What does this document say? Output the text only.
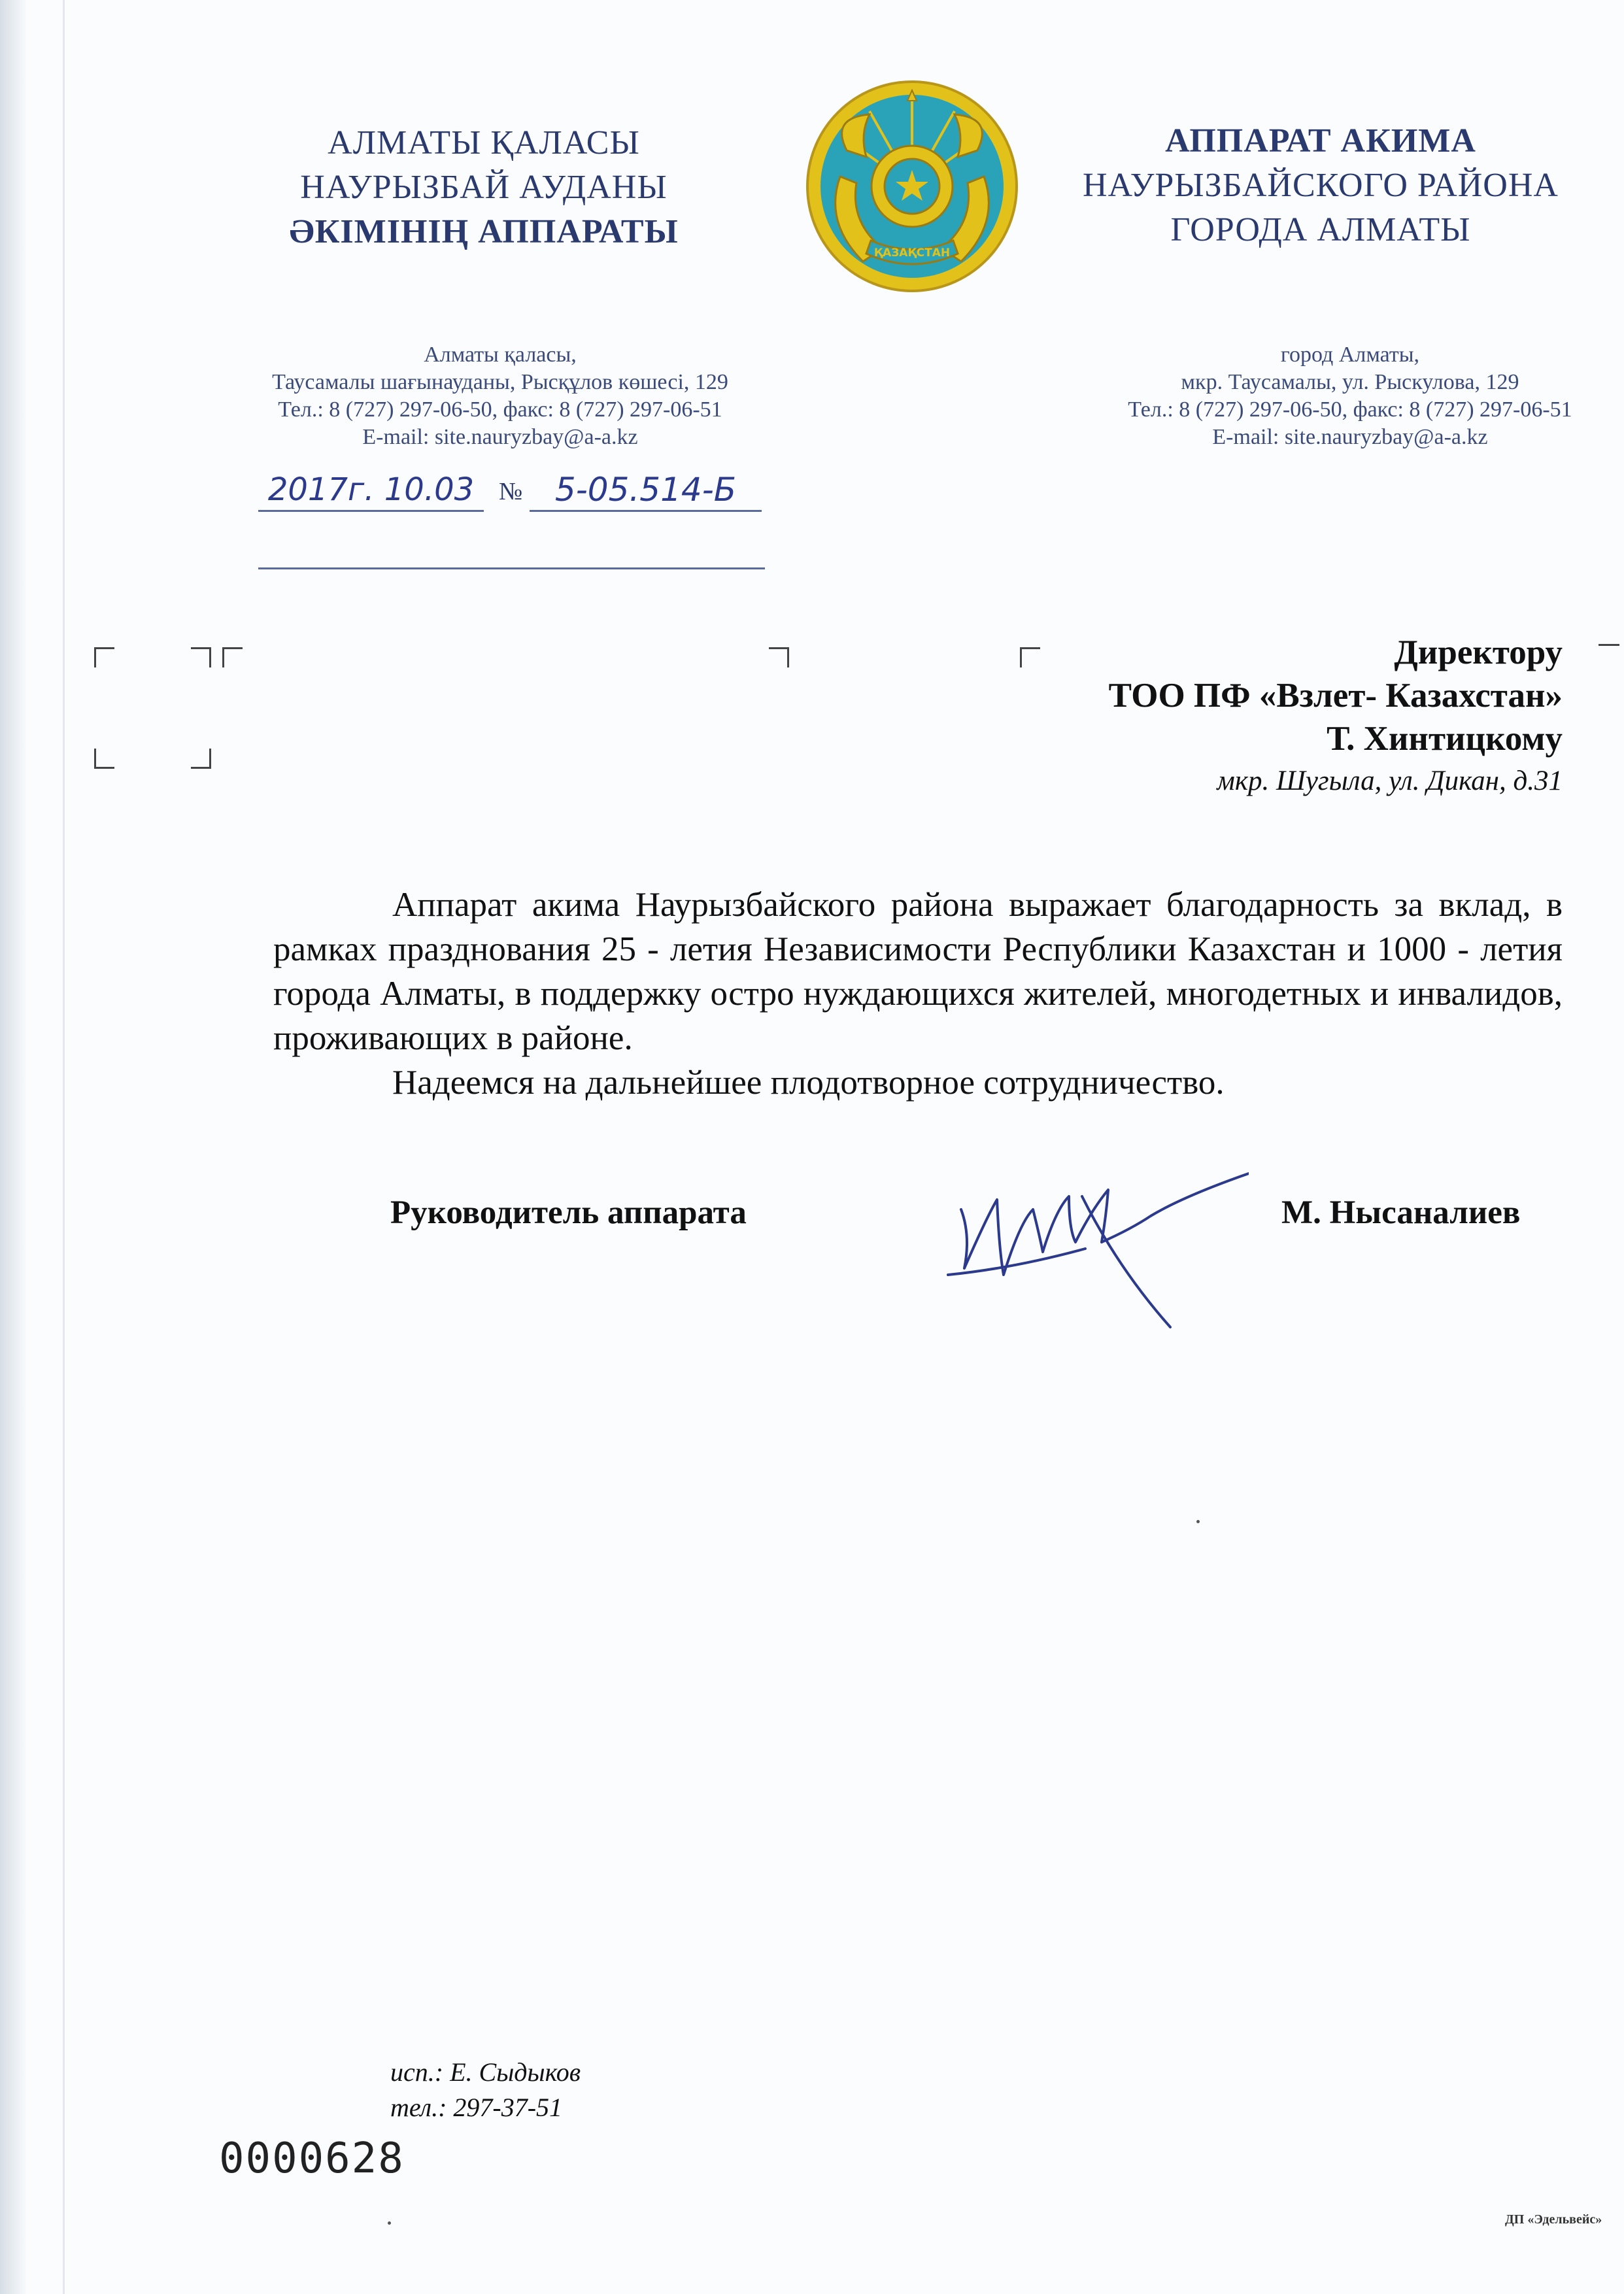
АЛМАТЫ ҚАЛАСЫ
НАУРЫЗБАЙ АУДАНЫ
ӘКІМІНІҢ АППАРАТЫ
ҚАЗАҚСТАН
АППАРАТ АКИМА
НАУРЫЗБАЙСКОГО РАЙОНА
ГОРОДА АЛМАТЫ
Алматы қаласы,
Таусамалы шағынауданы, Рысқұлов көшесі, 129
Тел.: 8 (727) 297-06-50, факс: 8 (727) 297-06-51
E-mail: site.nauryzbay@a-a.kz
город Алматы,
мкр. Таусамалы, ул. Рыскулова, 129
Тел.: 8 (727) 297-06-50, факс: 8 (727) 297-06-51
E-mail: site.nauryzbay@a-a.kz
2017г. 10.03 № 5-05.514-Б
Директору
ТОО ПФ «Взлет- Казахстан»
Т. Хинтицкому
мкр. Шугыла, ул. Дикан, д.31

Аппарат акима Наурызбайского района выражает благодарность за вклад, в рамках празднования 25 - летия Независимости Республики Казахстан и 1000 - летия города Алматы, в поддержку остро нуждающихся жителей, многодетных и инвалидов, проживающих в районе.

Надеемся на дальнейшее плодотворное сотрудничество.

Руководитель аппарата	М. Нысаналиев
исп.: Е. Сыдыков
тел.: 297-37-51
0000628
ДП «Эдельвейс»
